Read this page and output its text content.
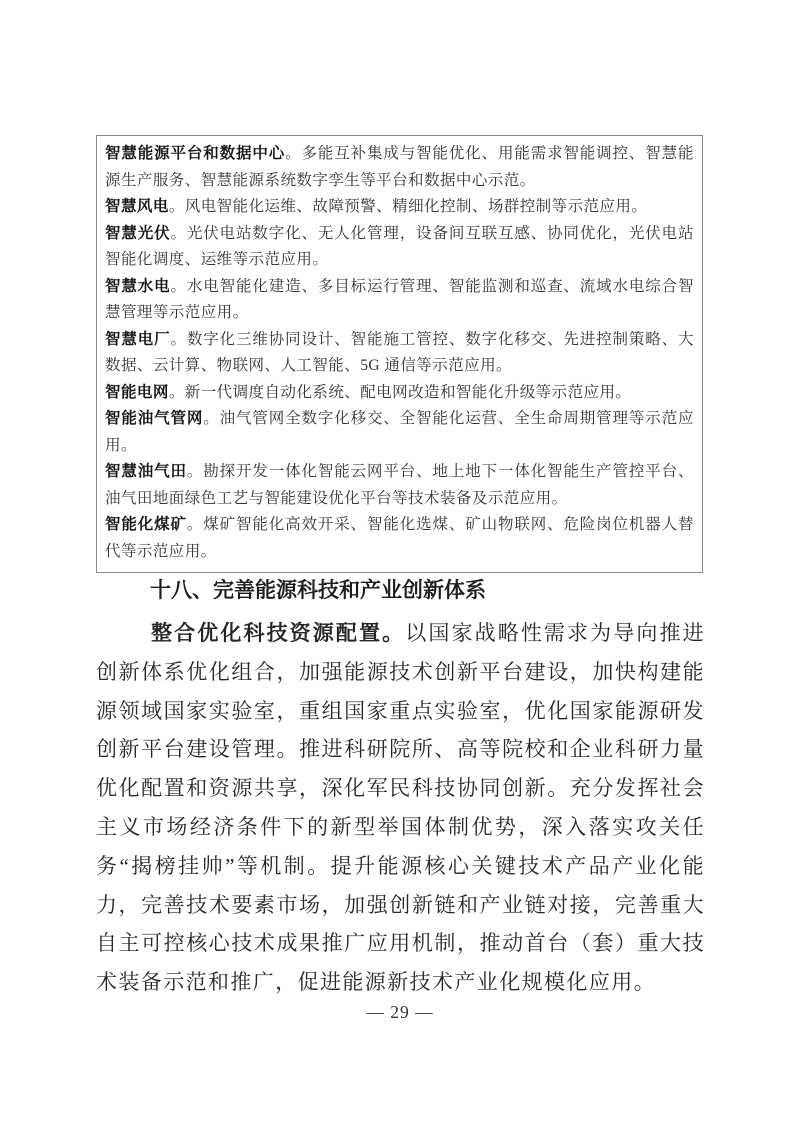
智慧能源平台和数据中心。多能互补集成与智能优化、用能需求智能调控、智慧能源生产服务、智慧能源系统数字孪生等平台和数据中心示范。

智慧风电。风电智能化运维、故障预警、精细化控制、场群控制等示范应用。

智慧光伏。光伏电站数字化、无人化管理，设备间互联互感、协同优化，光伏电站智能化调度、运维等示范应用。

智慧水电。水电智能化建造、多目标运行管理、智能监测和巡查、流域水电综合智慧管理等示范应用。

智慧电厂。数字化三维协同设计、智能施工管控、数字化移交、先进控制策略、大数据、云计算、物联网、人工智能、5G 通信等示范应用。

智能电网。新一代调度自动化系统、配电网改造和智能化升级等示范应用。

智能油气管网。油气管网全数字化移交、全智能化运营、全生命周期管理等示范应用。

智慧油气田。勘探开发一体化智能云网平台、地上地下一体化智能生产管控平台、油气田地面绿色工艺与智能建设优化平台等技术装备及示范应用。

智能化煤矿。煤矿智能化高效开采、智能化选煤、矿山物联网、危险岗位机器人替代等示范应用。

十八、完善能源科技和产业创新体系

整合优化科技资源配置。以国家战略性需求为导向推进创新体系优化组合，加强能源技术创新平台建设，加快构建能源领域国家实验室，重组国家重点实验室，优化国家能源研发创新平台建设管理。推进科研院所、高等院校和企业科研力量优化配置和资源共享，深化军民科技协同创新。充分发挥社会主义市场经济条件下的新型举国体制优势，深入落实攻关任务“揭榜挂帅”等机制。提升能源核心关键技术产品产业化能力，完善技术要素市场，加强创新链和产业链对接，完善重大自主可控核心技术成果推广应用机制，推动首台（套）重大技术装备示范和推广，促进能源新技术产业化规模化应用。

— 29 —
